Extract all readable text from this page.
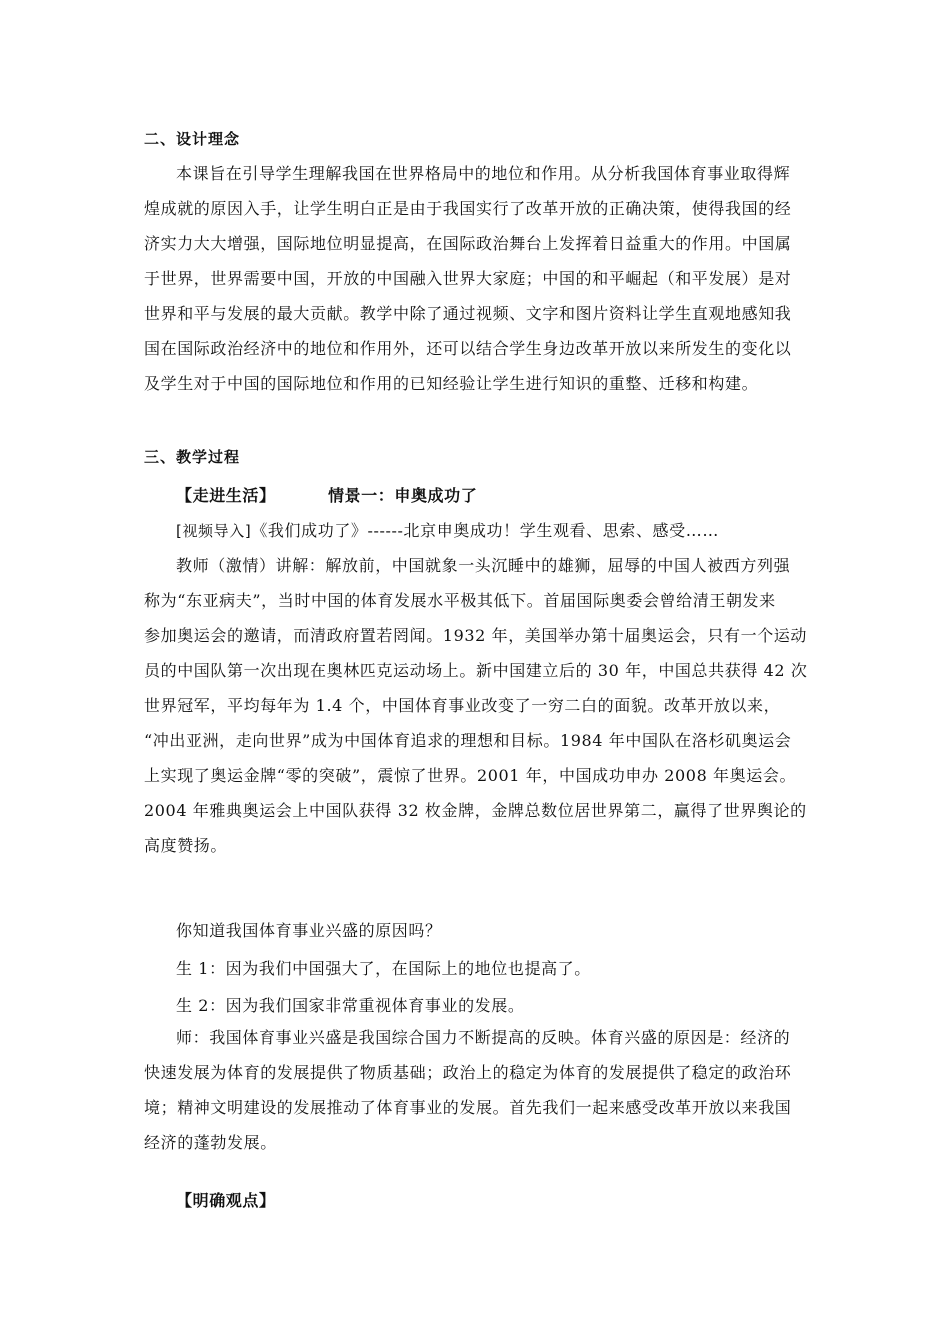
二、设计理念
本课旨在引导学生理解我国在世界格局中的地位和作用。从分析我国体育事业取得辉
煌成就的原因入手，让学生明白正是由于我国实行了改革开放的正确决策，使得我国的经
济实力大大增强，国际地位明显提高，在国际政治舞台上发挥着日益重大的作用。中国属
于世界，世界需要中国，开放的中国融入世界大家庭；中国的和平崛起（和平发展）是对
世界和平与发展的最大贡献。教学中除了通过视频、文字和图片资料让学生直观地感知我
国在国际政治经济中的地位和作用外，还可以结合学生身边改革开放以来所发生的变化以
及学生对于中国的国际地位和作用的已知经验让学生进行知识的重整、迁移和构建。
三、教学过程
【走进生活】	情景一：申奥成功了
[视频导入]《我们成功了》------北京申奥成功！学生观看、思索、感受……
教师（激情）讲解：解放前，中国就象一头沉睡中的雄狮，屈辱的中国人被西方列强
称为“东亚病夫”，当时中国的体育发展水平极其低下。首届国际奥委会曾给清王朝发来
参加奥运会的邀请，而清政府置若罔闻。1932 年，美国举办第十届奥运会，只有一个运动
员的中国队第一次出现在奥林匹克运动场上。新中国建立后的 30 年，中国总共获得 42 次
世界冠军，平均每年为 1.4 个，中国体育事业改变了一穷二白的面貌。改革开放以来，
“冲出亚洲，走向世界”成为中国体育追求的理想和目标。1984 年中国队在洛杉矶奥运会
上实现了奥运金牌“零的突破”，震惊了世界。2001 年，中国成功申办 2008 年奥运会。
2004 年雅典奥运会上中国队获得 32 枚金牌，金牌总数位居世界第二，赢得了世界舆论的
高度赞扬。
你知道我国体育事业兴盛的原因吗？
生 1：因为我们中国强大了，在国际上的地位也提高了。
生 2：因为我们国家非常重视体育事业的发展。
师：我国体育事业兴盛是我国综合国力不断提高的反映。体育兴盛的原因是：经济的
快速发展为体育的发展提供了物质基础；政治上的稳定为体育的发展提供了稳定的政治环
境；精神文明建设的发展推动了体育事业的发展。首先我们一起来感受改革开放以来我国
经济的蓬勃发展。
【明确观点】
